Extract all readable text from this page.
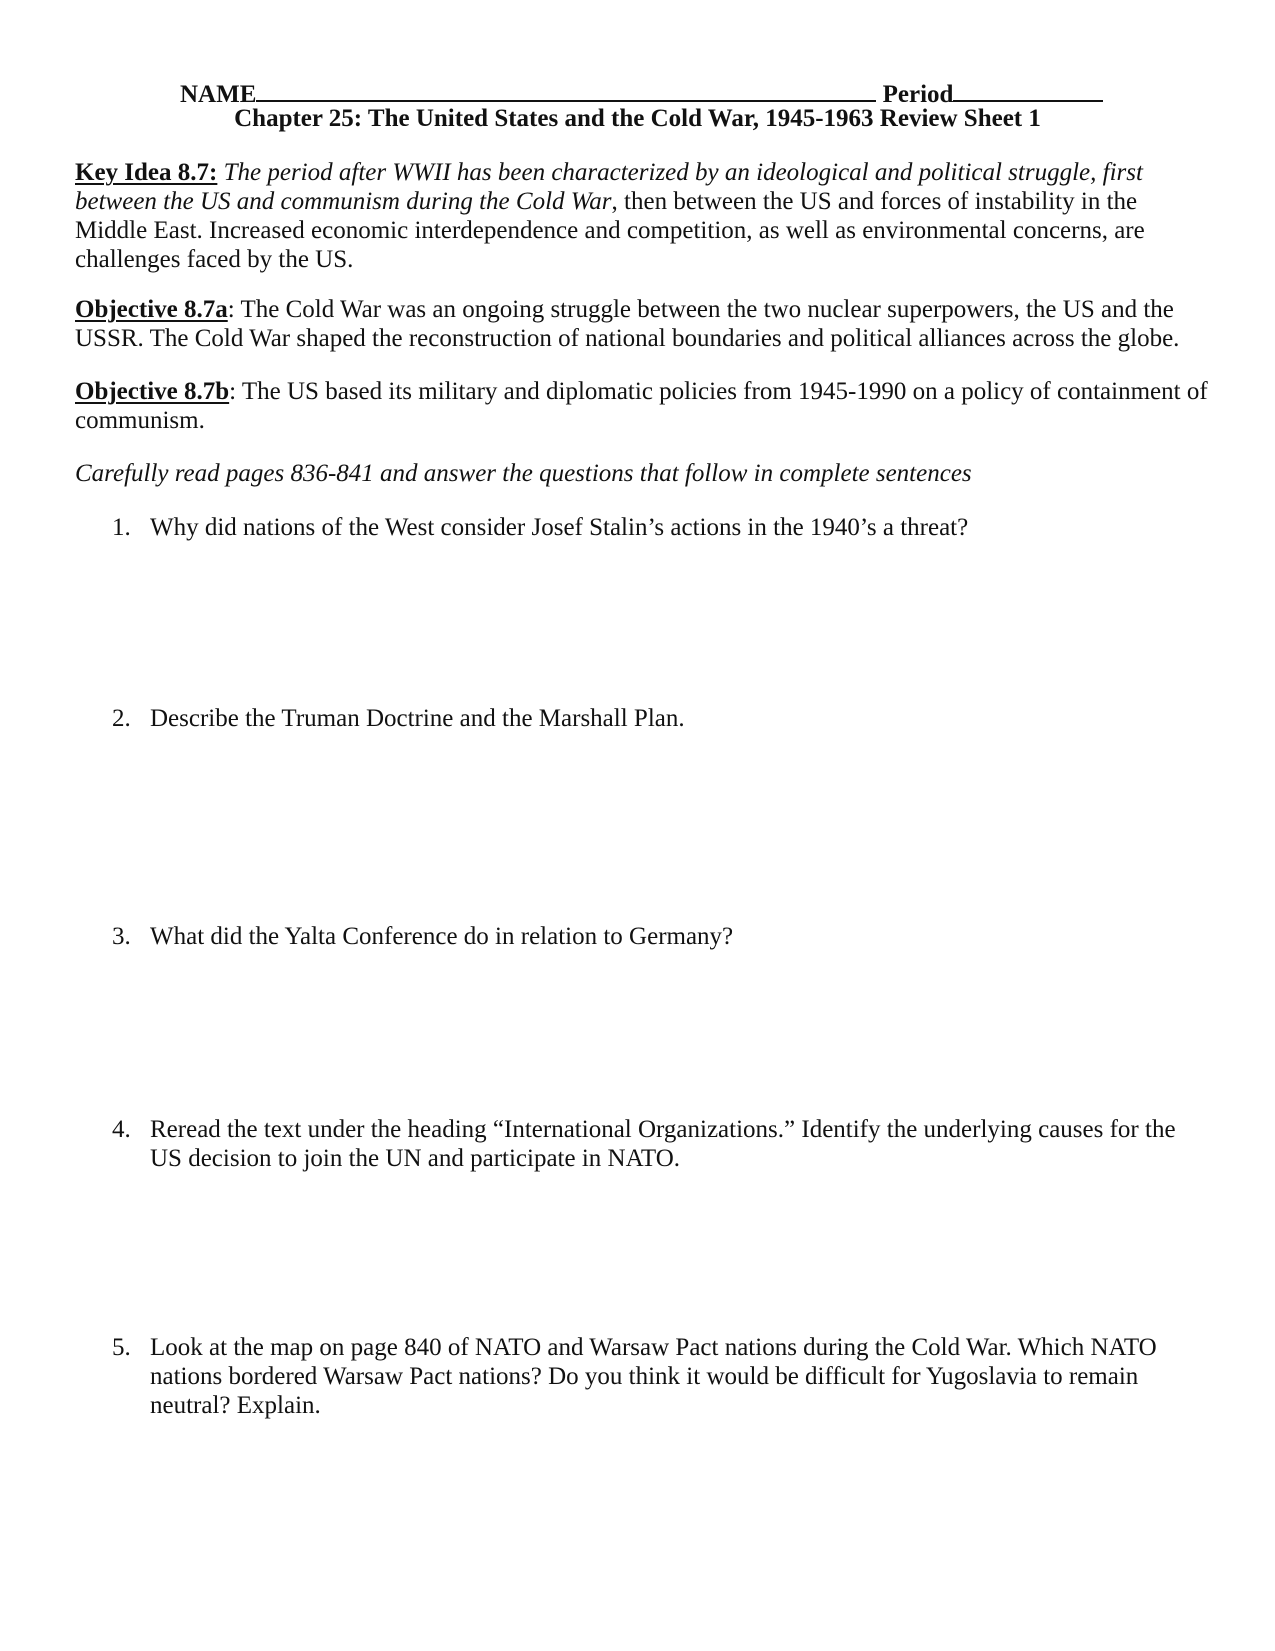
NAME	Period
Chapter 25: The United States and the Cold War, 1945-1963 Review Sheet 1
Key Idea 8.7: The period after WWII has been characterized by an ideological and political struggle, first between the US and communism during the Cold War, then between the US and forces of instability in the Middle East. Increased economic interdependence and competition, as well as environmental concerns, are challenges faced by the US.
Objective 8.7a: The Cold War was an ongoing struggle between the two nuclear superpowers, the US and the USSR. The Cold War shaped the reconstruction of national boundaries and political alliances across the globe.
Objective 8.7b: The US based its military and diplomatic policies from 1945-1990 on a policy of containment of communism.
Carefully read pages 836-841 and answer the questions that follow in complete sentences
1. Why did nations of the West consider Josef Stalin’s actions in the 1940’s a threat?
2. Describe the Truman Doctrine and the Marshall Plan.
3. What did the Yalta Conference do in relation to Germany?
4. Reread the text under the heading “International Organizations.” Identify the underlying causes for the US decision to join the UN and participate in NATO.
5. Look at the map on page 840 of NATO and Warsaw Pact nations during the Cold War. Which NATO nations bordered Warsaw Pact nations? Do you think it would be difficult for Yugoslavia to remain neutral? Explain.
